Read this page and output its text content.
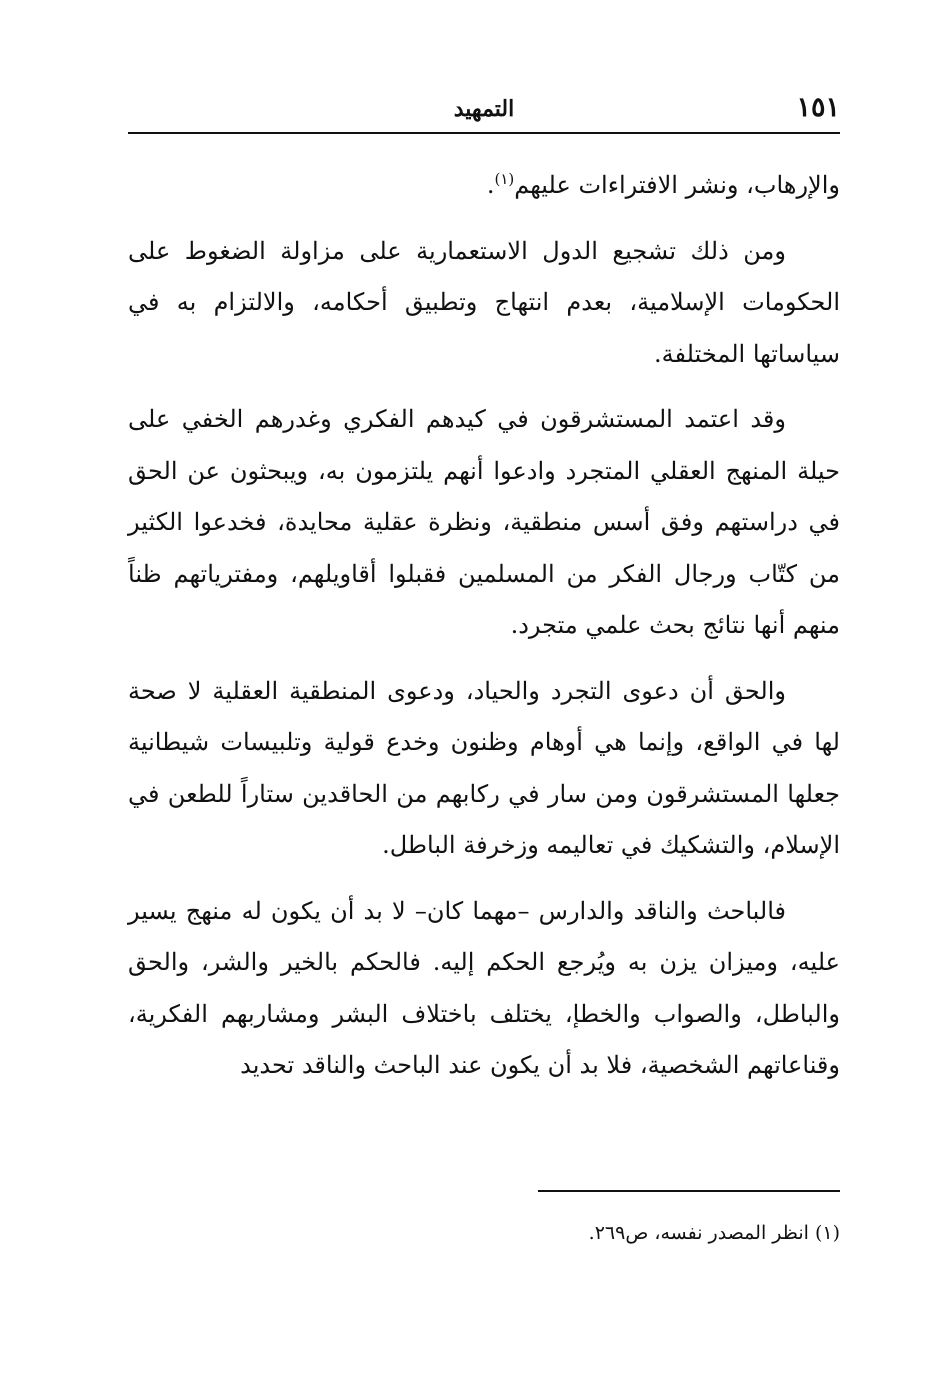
١٥١
التمهيد

والإرهاب، ونشر الافتراءات عليهم$^{(١)}$.

ومن ذلك تشجيع الدول الاستعمارية على مزاولة الضغوط على الحكومات الإسلامية، بعدم انتهاج وتطبيق أحكامه، والالتزام به في سياساتها المختلفة.

وقد اعتمد المستشرقون في كيدهم الفكري وغدرهم الخفي على حيلة المنهج العقلي المتجرد وادعوا أنهم يلتزمون به، ويبحثون عن الحق في دراستهم وفق أسس منطقية، ونظرة عقلية محايدة، فخدعوا الكثير من كتّاب ورجال الفكر من المسلمين فقبلوا أقاويلهم، ومفترياتهم ظناً منهم أنها نتائج بحث علمي متجرد.

والحق أن دعوى التجرد والحياد، ودعوى المنطقية العقلية لا صحة لها في الواقع، وإنما هي أوهام وظنون وخدع قولية وتلبيسات شيطانية جعلها المستشرقون ومن سار في ركابهم من الحاقدين ستاراً للطعن في الإسلام، والتشكيك في تعاليمه وزخرفة الباطل.

فالباحث والناقد والدارس –مهما كان– لا بد أن يكون له منهج يسير عليه، وميزان يزن به ويُرجع الحكم إليه. فالحكم بالخير والشر، والحق والباطل، والصواب والخطإ، يختلف باختلاف البشر ومشاربهم الفكرية، وقناعاتهم الشخصية، فلا بد أن يكون عند الباحث والناقد تحديد

(١) انظر المصدر نفسه، ص٢٦٩.
